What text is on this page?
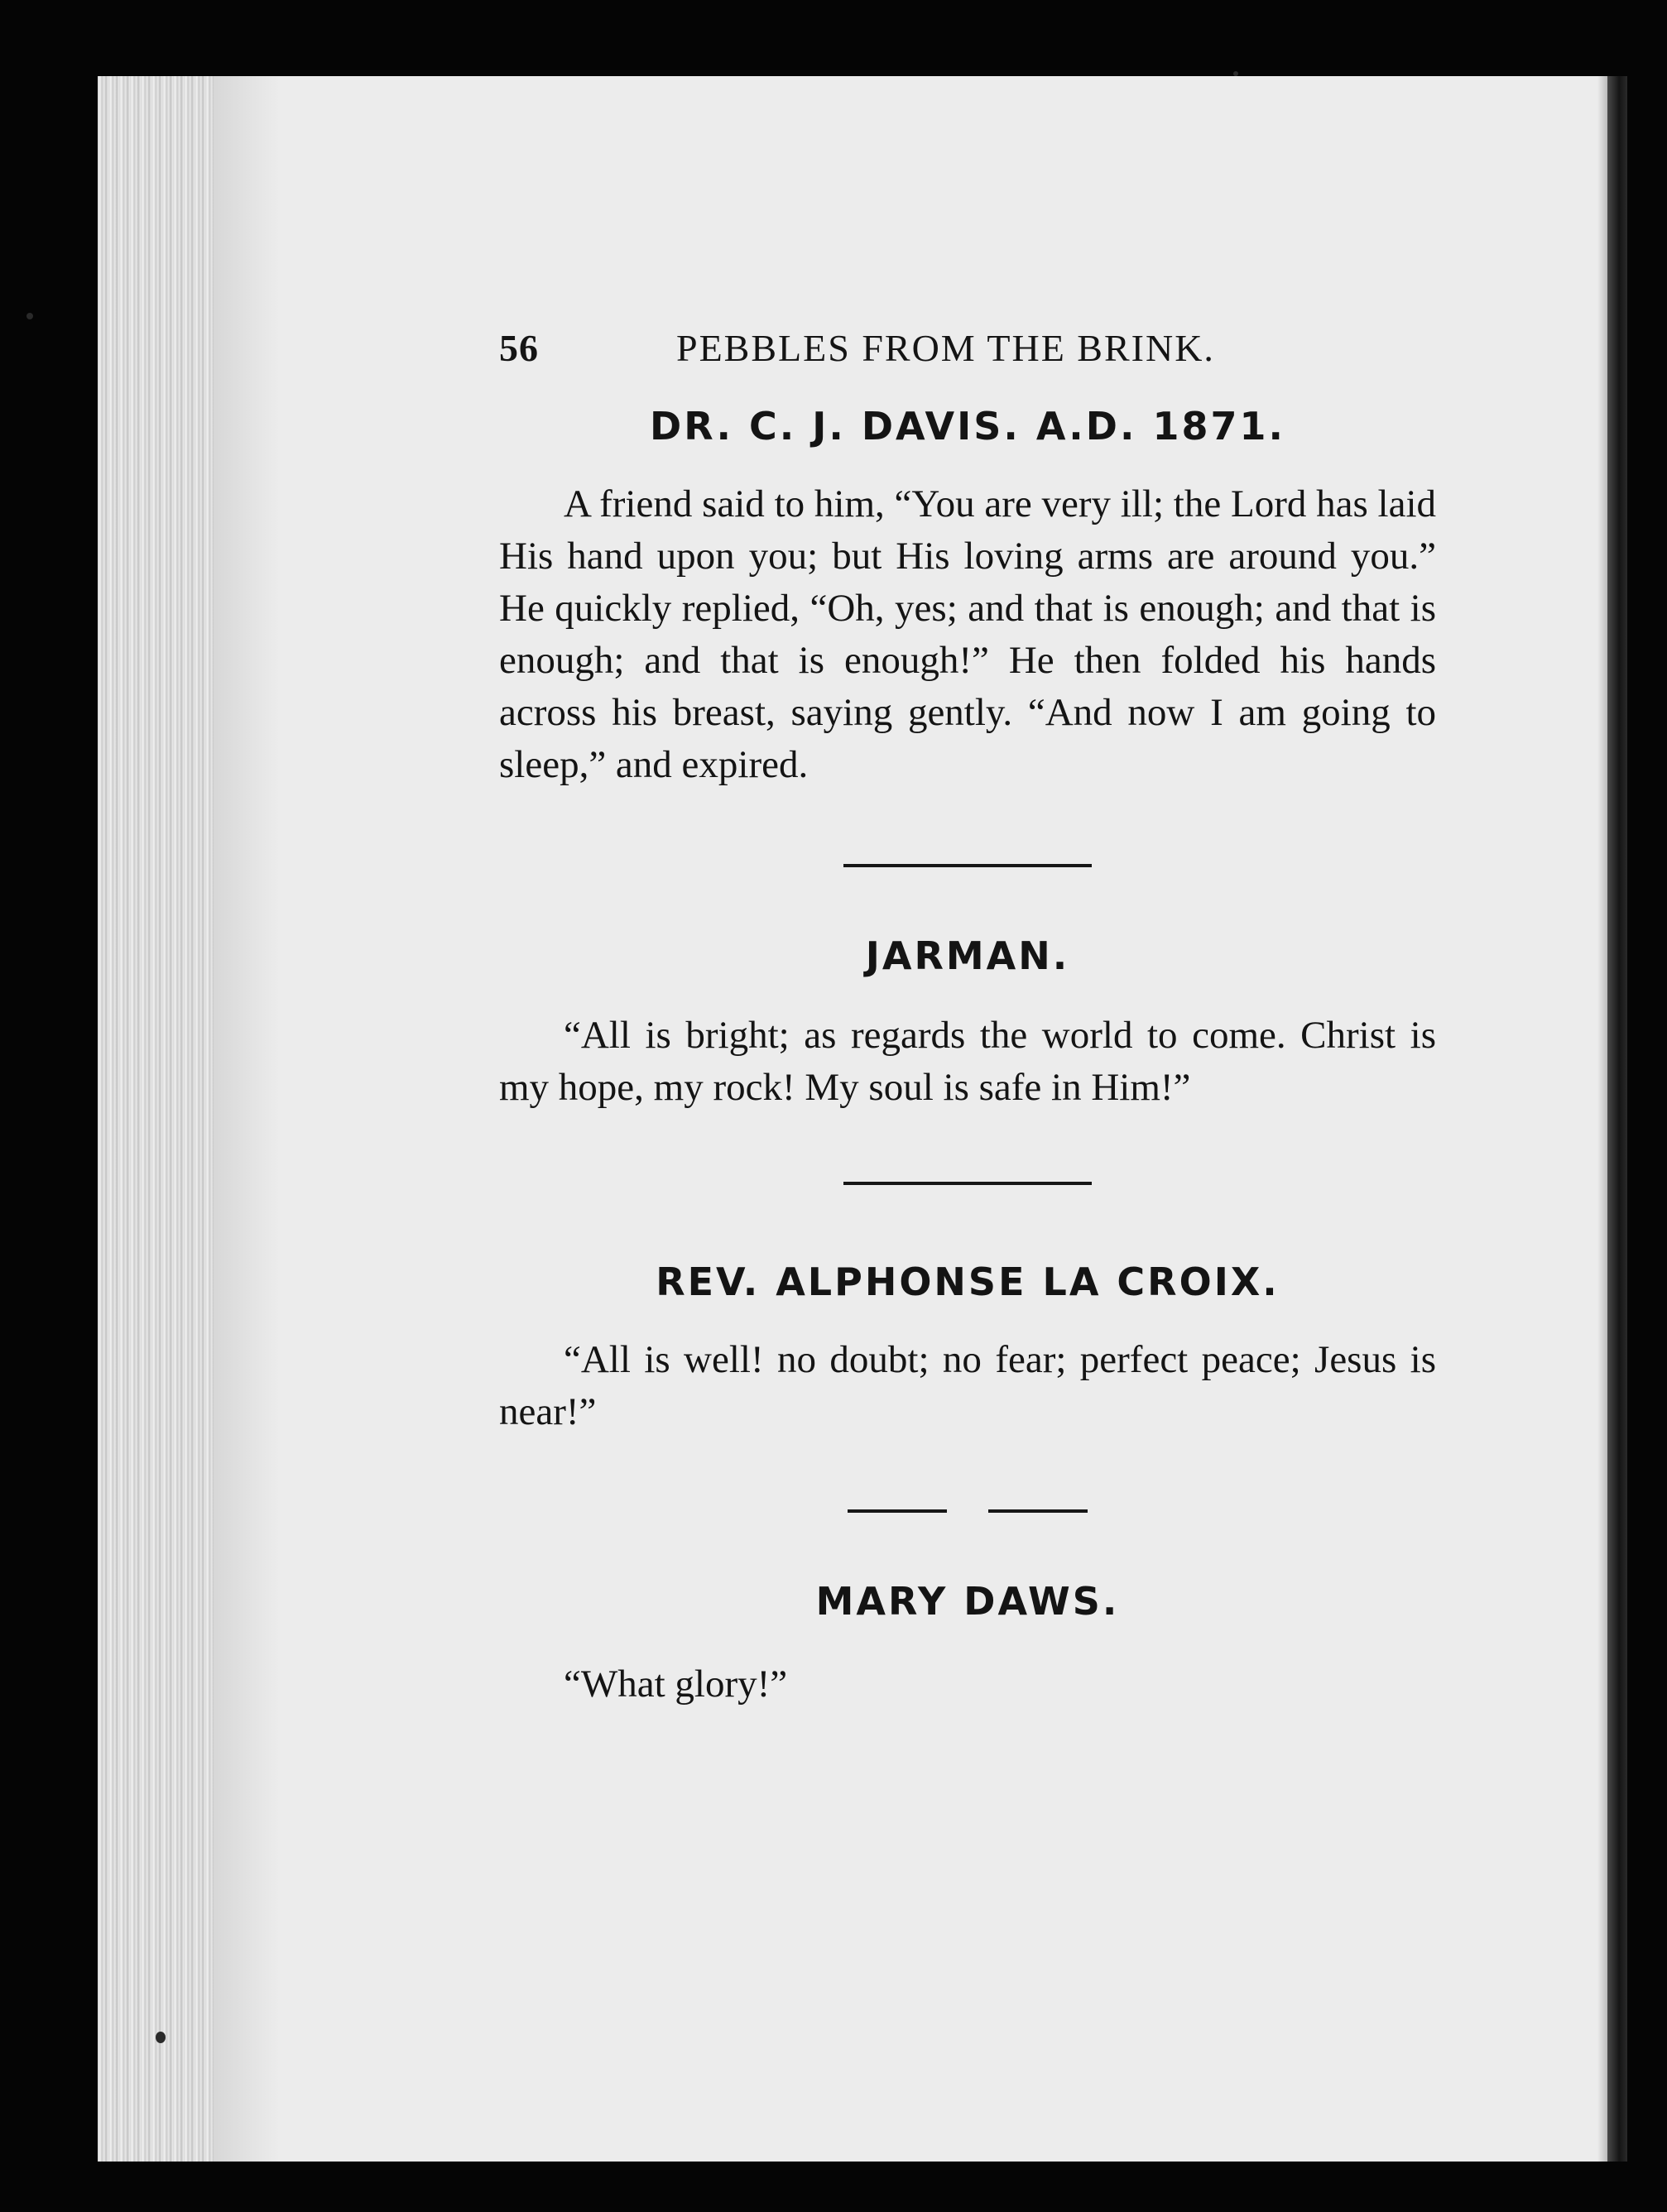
56	PEBBLES FROM THE BRINK.
DR. C. J. DAVIS. A.D. 1871.

A friend said to him, “You are very ill; the Lord has laid His hand upon you; but His loving arms are around you.” He quickly replied, “Oh, yes; and that is enough; and that is enough; and that is enough!” He then folded his hands across his breast, saying gently. “And now I am going to sleep,” and expired.

JARMAN.

“All is bright; as regards the world to come. Christ is my hope, my rock! My soul is safe in Him!”

REV. ALPHONSE LA CROIX.

“All is well! no doubt; no fear; perfect peace; Jesus is near!”

MARY DAWS.

“What glory!”
